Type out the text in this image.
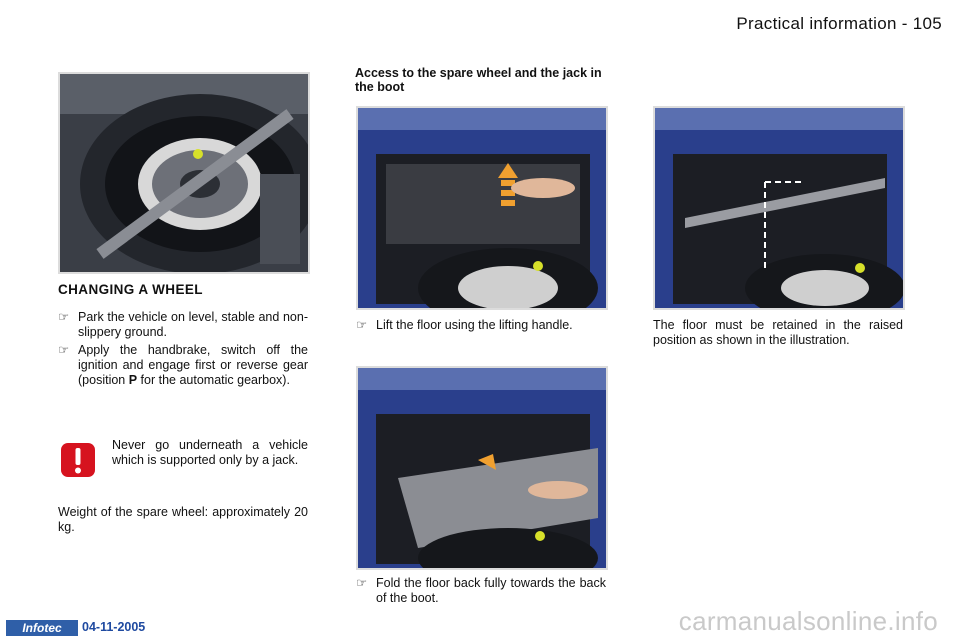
Practical information - 105
CHANGING A WHEEL
☞ Park the vehicle on level, stable and non-slippery ground.
☞ Apply the handbrake, switch off the ignition and engage first or reverse gear (position P for the automatic gearbox).
Never go underneath a vehicle which is supported only by a jack.
Weight of the spare wheel: approximately 20 kg.
Access to the spare wheel and the jack in the boot
☞ Lift the floor using the lifting handle.
☞ Fold the floor back fully towards the back of the boot.
The floor must be retained in the raised position as shown in the illustration.
Infotec	04-11-2005	carmanualsonline.info
